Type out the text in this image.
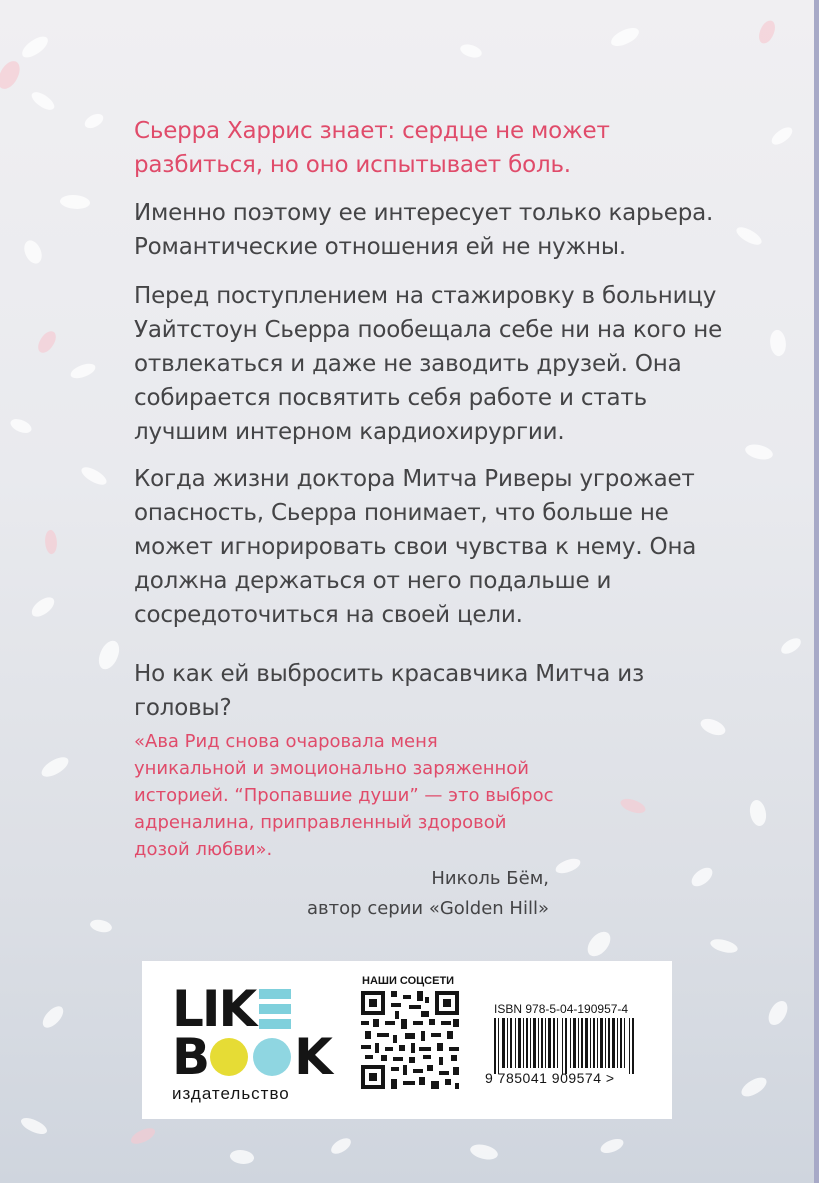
Сьерра Харрис знает: сердце не может разбиться, но оно испытывает боль.

Именно поэтому ее интересует только карьера. Романтические отношения ей не нужны.

Перед поступлением на стажировку в больницу Уайтстоун Сьерра пообещала себе ни на кого не отвлекаться и даже не заводить друзей. Она собирается посвятить себя работе и стать лучшим интерном кардиохирургии.

Когда жизни доктора Митча Риверы угрожает опасность, Сьерра понимает, что больше не может игнорировать свои чувства к нему. Она должна держаться от него подальше и сосредоточиться на своей цели.

Но как ей выбросить красавчика Митча из головы?

«Ава Рид снова очаровала меня уникальной и эмоционально заряженной историей. “Пропавшие души” — это выброс адреналина, приправленный здоровой дозой любви».

Николь Бём,
автор серии «Golden Hill»
L I K
B K
издательство
НАШИ СОЦСЕТИ
ISBN 978-5-04-190957-4
9 785041 909574 >
